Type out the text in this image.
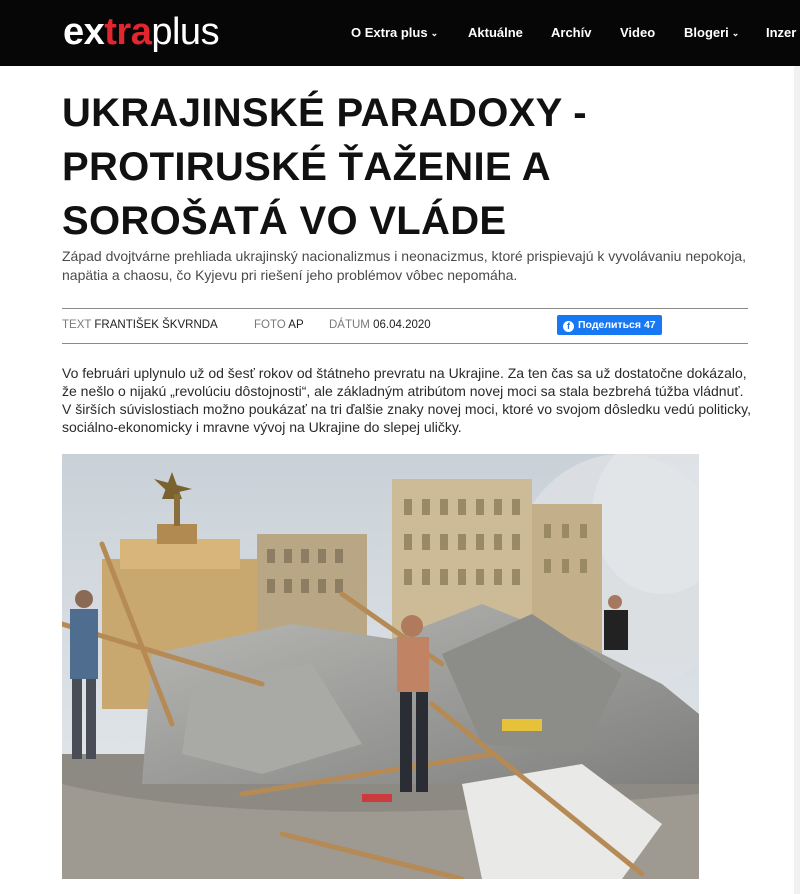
extraplus	O Extra plus ⌄ Aktuálne Archív Video Blogeri ⌄ Inzer
UKRAJINSKÉ PARADOXY - PROTIRUSKÉ ŤAŽENIE A SOROŠATÁ VO VLÁDE

Západ dvojtvárne prehliada ukrajinský nacionalizmus i neonacizmus, ktoré prispievajú k vyvolávaniu nepokoja, napätia a chaosu, čo Kyjevu pri riešení jeho problémov vôbec nepomáha.

TEXT FRANTIŠEK ŠKVRNDA	FOTO AP DÁTUM 06.04.2020	f Поделиться 47

Vo februári uplynulo už od šesť rokov od štátneho prevratu na Ukrajine. Za ten čas sa už dostatočne dokázalo, že nešlo o nijakú „revolúciu dôstojnosti“, ale základným atribútom novej moci sa stala bezbrehá túžba vládnuť. V širších súvislostiach možno poukázať na tri ďalšie znaky novej moci, ktoré vo svojom dôsledku vedú politicky, sociálno-ekonomicky i mravne vývoj na Ukrajine do slepej uličky.
